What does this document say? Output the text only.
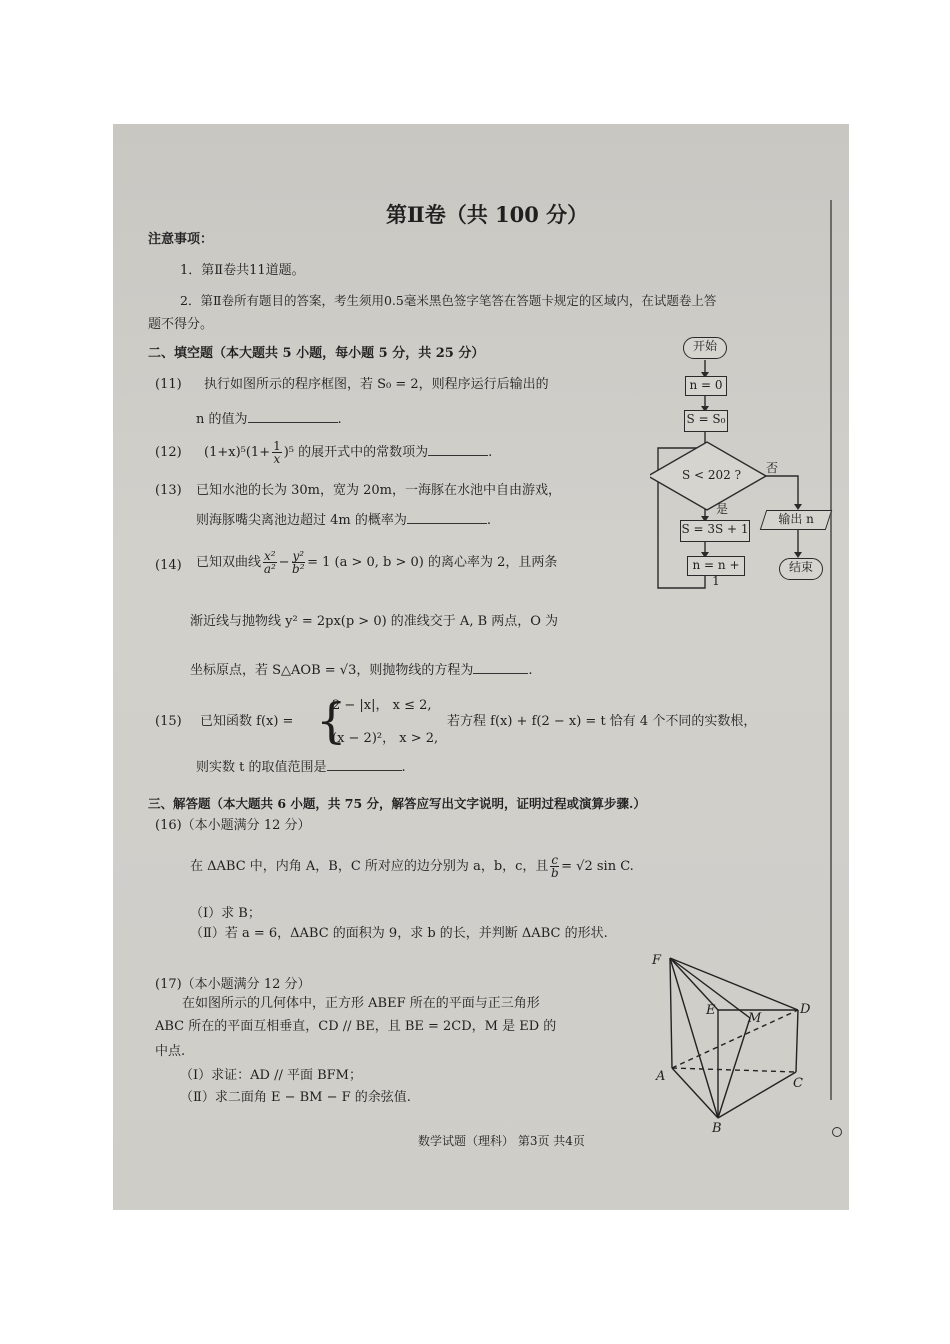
第Ⅱ卷（共 100 分）
注意事项：
1．第Ⅱ卷共11道题。
2．第Ⅱ卷所有题目的答案，考生须用0.5毫米黑色签字笔答在答题卡规定的区域内，在试题卷上答
题不得分。
二、填空题（本大题共 5 小题，每小题 5 分，共 25 分）
(11) 执行如图所示的程序框图，若 S₀ = 2，则程序运行后输出的
n 的值为	.
(12) $(1+x)^5(1+ \frac{1}{x} )^5$ 的展开式中的常数项为	.
(13) 已知水池的长为 30m，宽为 20m，一海豚在水池中自由游戏，
则海豚嘴尖离池边超过 4m 的概率为	.
(14) 已知双曲线 $\frac{\text{x²}}{\text{a²}} - \frac{\text{y²}}{\text{b²}} = 1$ (a > 0, b > 0) 的离心率为 2，且两条
渐近线与抛物线 y² = 2px(p > 0) 的准线交于 A, B 两点，O 为
坐标原点，若 S△AOB = √3，则抛物线的方程为	.
(15) 已知函数 f(x) = {
2 − |x|， x ≤ 2,
(x − 2)²， x > 2,
若方程 f(x) + f(2 − x) = t 恰有 4 个不同的实数根，
则实数 t 的取值范围是	.
三、解答题（本大题共 6 小题，共 75 分，解答应写出文字说明，证明过程或演算步骤.）
(16)（本小题满分 12 分）
在 ΔABC 中，内角 A，B，C 所对应的边分别为 a，b，c，且 $\frac{c}{b} = √2$ sin C.
（Ⅰ）求 B；
（Ⅱ）若 a = 6，ΔABC 的面积为 9，求 b 的长，并判断 ΔABC 的形状.
(17)（本小题满分 12 分）
在如图所示的几何体中，正方形 ABEF 所在的平面与正三角形
ABC 所在的平面互相垂直，CD // BE，且 BE = 2CD，M 是 ED 的
中点.
（Ⅰ）求证：AD // 平面 BFM；
（Ⅱ）求二面角 E − BM − F 的余弦值.
开始
n = 0
S = S₀
S < 202 ? 否
是
S = 3S + 1
n = n + 1
输出 n
结束
F
E
M
D
A	C
B
数学试题（理科） 第3页 共4页
